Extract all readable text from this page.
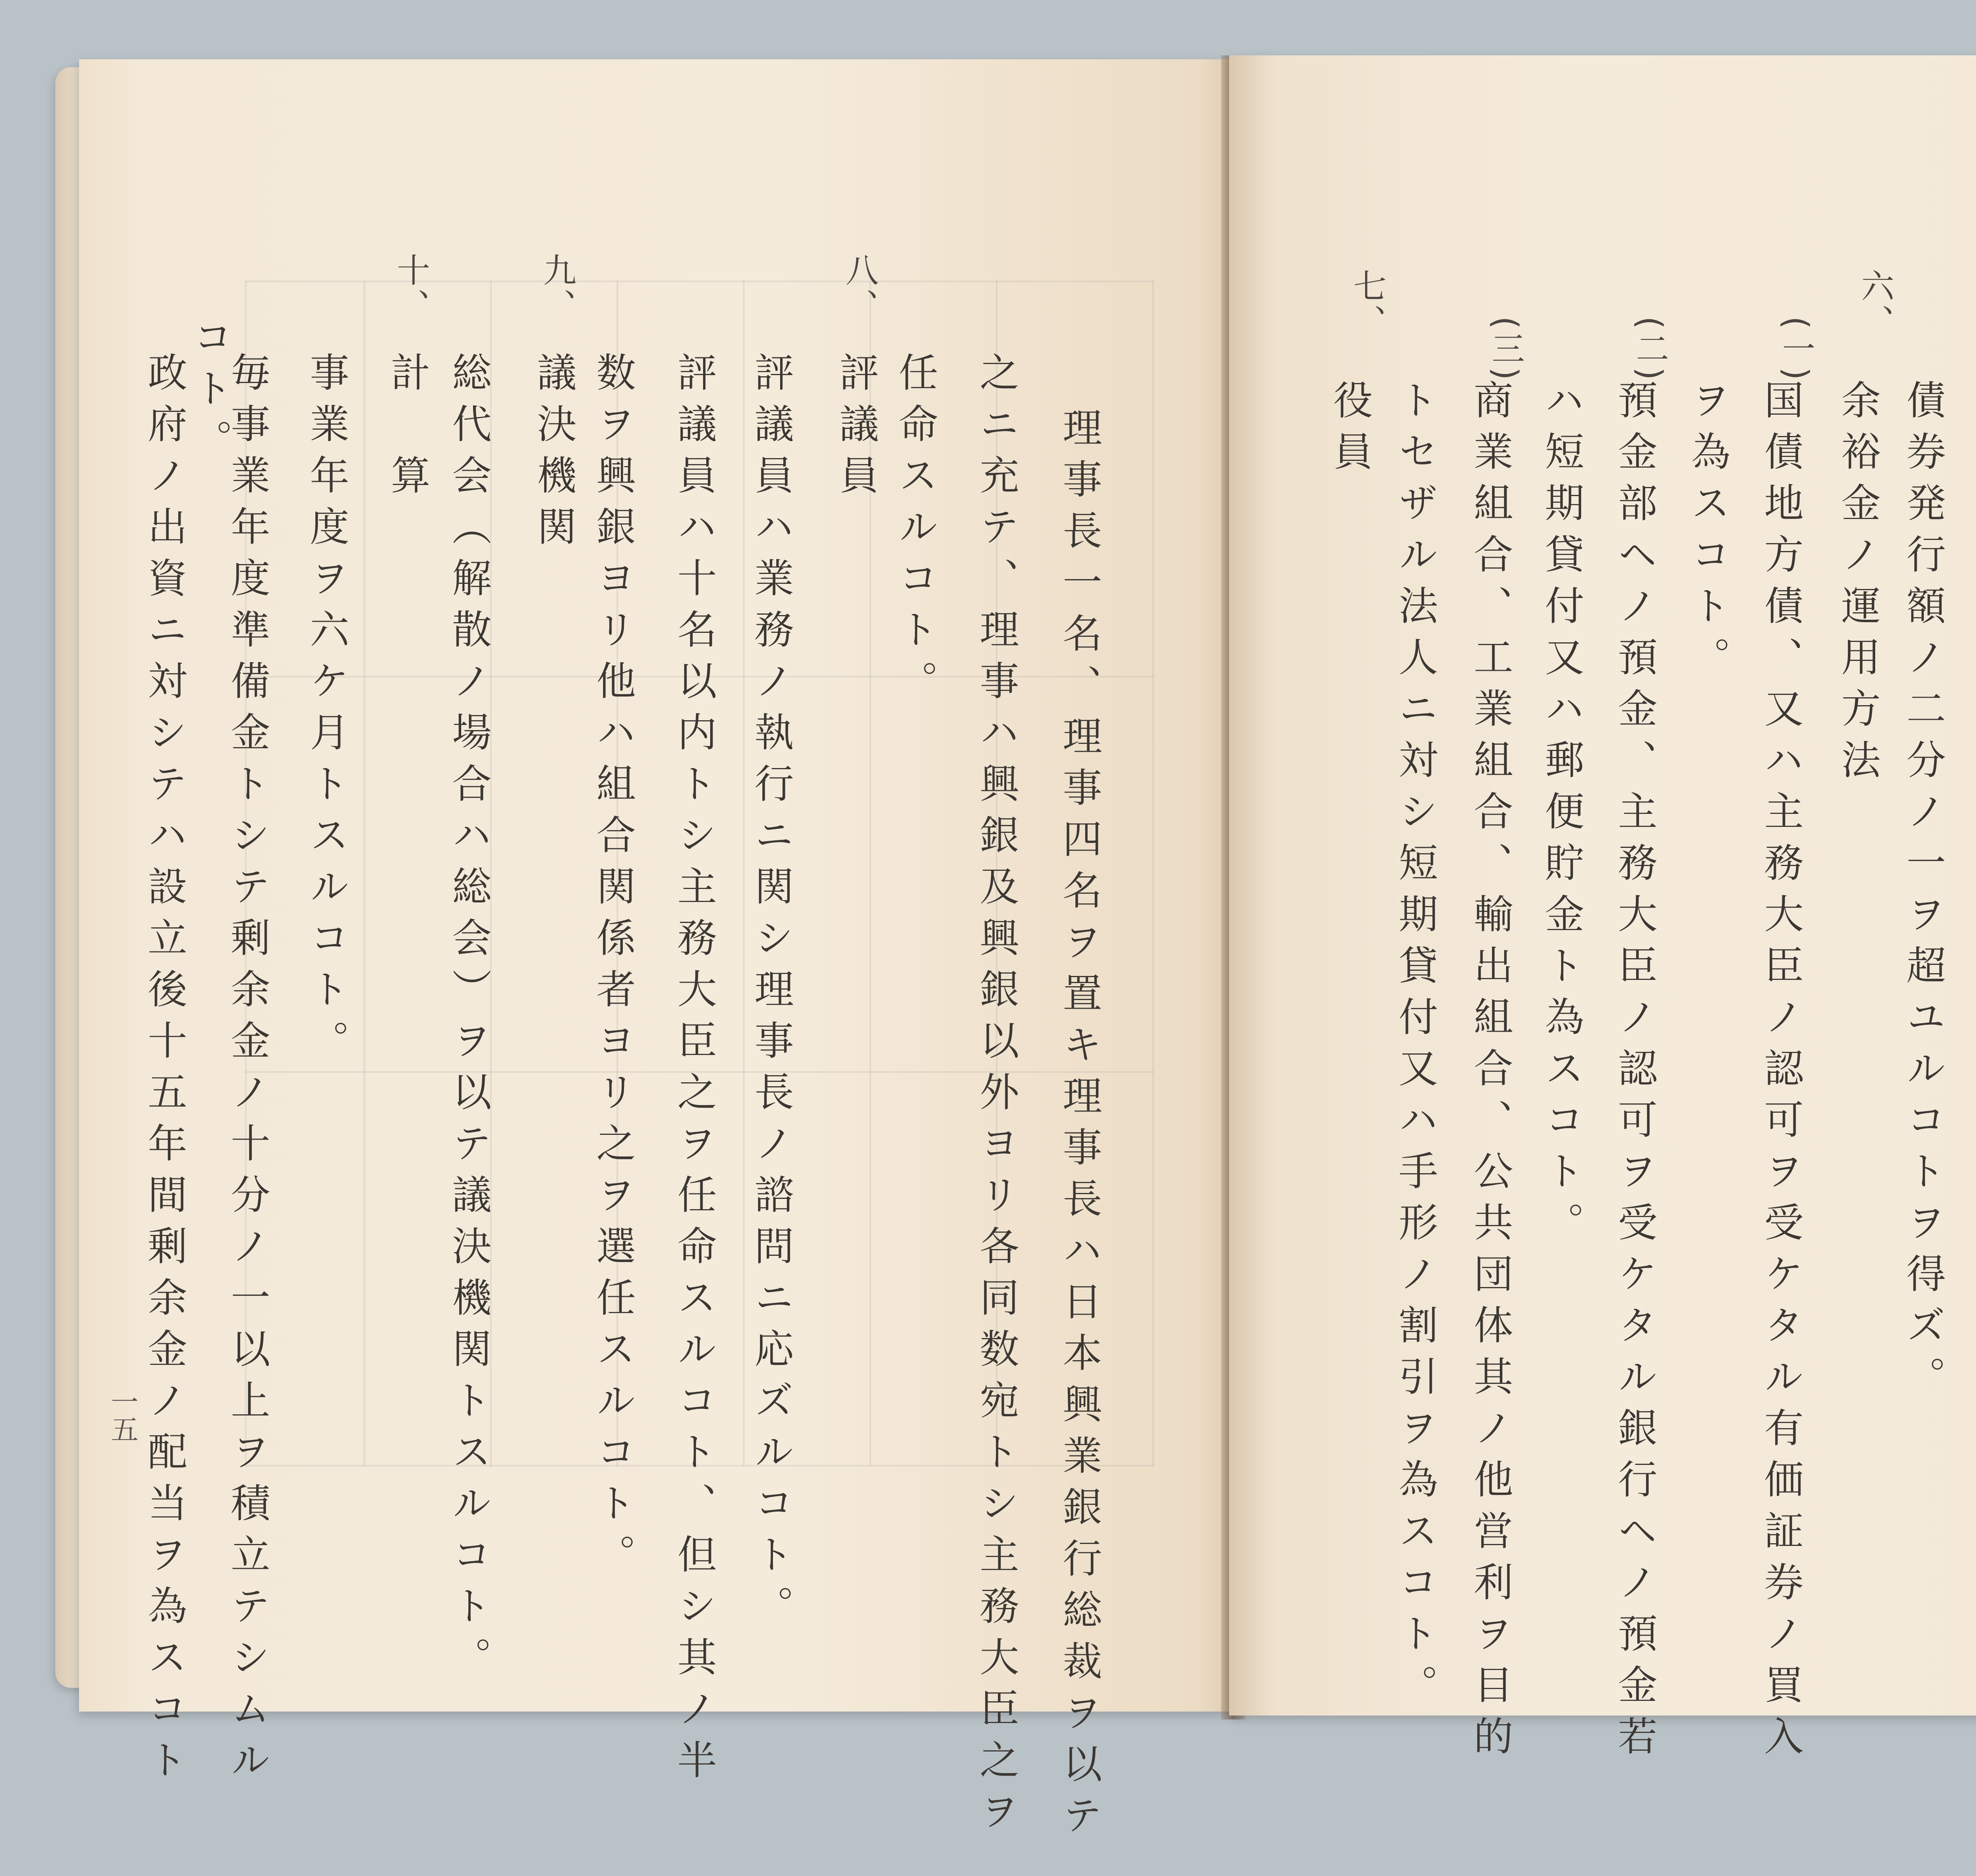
理事長一名、理事四名ヲ置キ理事長ハ日本興業銀行総裁ヲ以テ
之ニ充テ、理事ハ興銀及興銀以外ヨリ各同数宛トシ主務大臣之ヲ
任命スルコト。
八、
評議員
評議員ハ業務ノ執行ニ関シ理事長ノ諮問ニ応ズルコト。
評議員ハ十名以内トシ主務大臣之ヲ任命スルコト、但シ其ノ半
数ヲ興銀ヨリ他ハ組合関係者ヨリ之ヲ選任スルコト。
九、
議決機関
総代会（解散ノ場合ハ総会）ヲ以テ議決機関トスルコト。
十、
計　算
事業年度ヲ六ケ月トスルコト。
毎事業年度準備金トシテ剰余金ノ十分ノ一以上ヲ積立テシムル
コト。
政府ノ出資ニ対シテハ設立後十五年間剰余金ノ配当ヲ為スコト
一五
債券発行額ノ二分ノ一ヲ超ユルコトヲ得ズ。
六、
余裕金ノ運用方法
(一)
国債地方債、又ハ主務大臣ノ認可ヲ受ケタル有価証券ノ買入
ヲ為スコト。
(二)
預金部ヘノ預金、主務大臣ノ認可ヲ受ケタル銀行ヘノ預金若
ハ短期貸付又ハ郵便貯金ト為スコト。
(三)
商業組合、工業組合、輸出組合、公共団体其ノ他営利ヲ目的
トセザル法人ニ対シ短期貸付又ハ手形ノ割引ヲ為スコト。
七、
役員
